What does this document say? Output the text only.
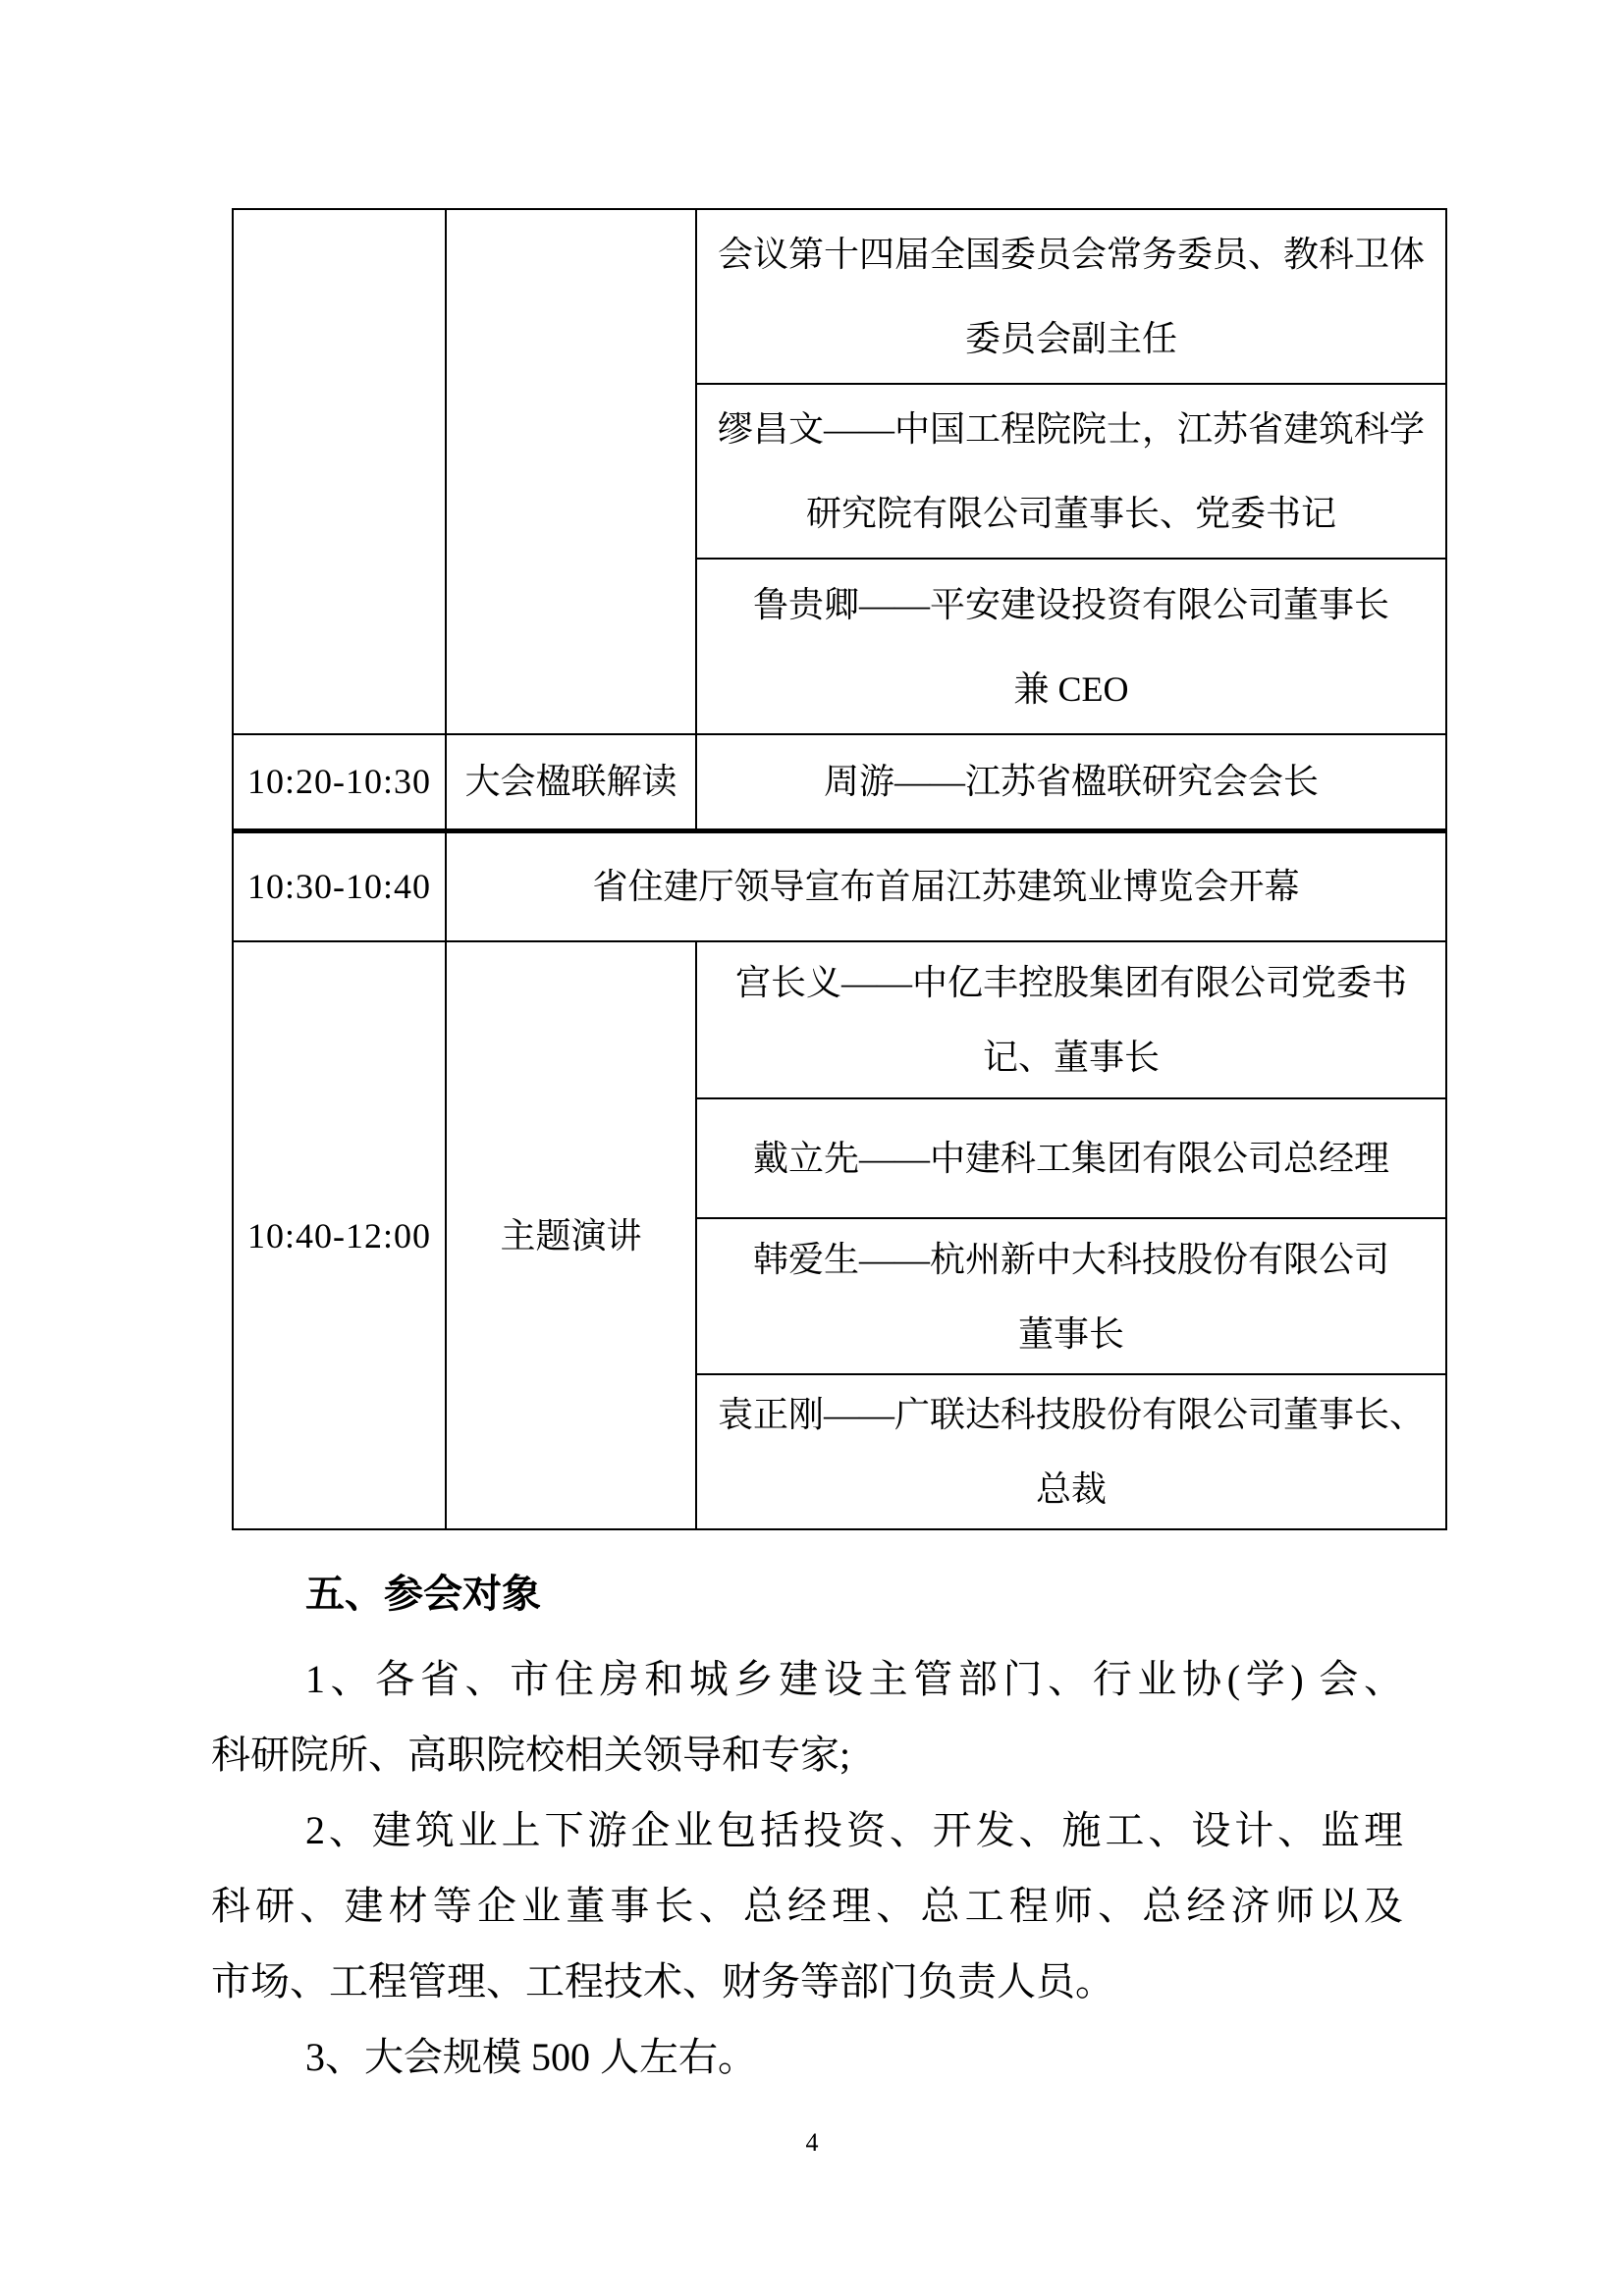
		会议第十四届全国委员会常务委员、教科卫体
委员会副主任

		缪昌文——中国工程院院士，江苏省建筑科学
研究院有限公司董事长、党委书记

		鲁贵卿——平安建设投资有限公司董事长
兼 CEO

10:20-10:30	大会楹联解读	周游——江苏省楹联研究会会长

10:30-10:40	省住建厅领导宣布首届江苏建筑业博览会开幕	

10:40-12:00	主题演讲	宫长义——中亿丰控股集团有限公司党委书
记、董事长

		戴立先——中建科工集团有限公司总经理

		韩爱生——杭州新中大科技股份有限公司
董事长

		袁正刚——广联达科技股份有限公司董事长、
总裁
五、参会对象
1、各省、市住房和城乡建设主管部门、行业协(学) 会、
科研院所、高职院校相关领导和专家;
2、建筑业上下游企业包括投资、开发、施工、设计、监理
科研、建材等企业董事长、总经理、总工程师、总经济师以及
市场、工程管理、工程技术、财务等部门负责人员。
3、大会规模 500 人左右。
4
